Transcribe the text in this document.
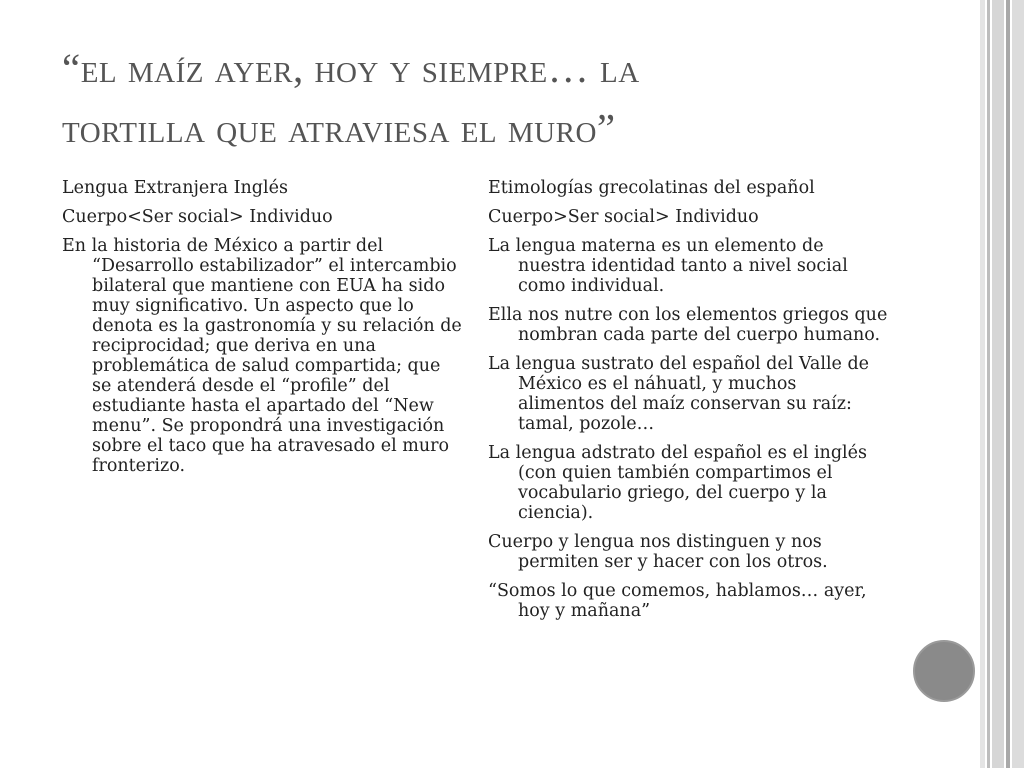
“el maíz ayer, hoy y siempre… la
tortilla que atraviesa el muro”

Lengua Extranjera Inglés

Cuerpo<Ser social> Individuo

En la historia de México a partir del “Desarrollo estabilizador” el intercambio bilateral que mantiene con EUA ha sido muy significativo. Un aspecto que lo denota es la gastronomía y su relación de reciprocidad; que deriva en una problemática de salud compartida; que se atenderá desde el “profile” del estudiante hasta el apartado del “New menu”. Se propondrá una investigación sobre el taco que ha atravesado el muro fronterizo.

Etimologías grecolatinas del español

Cuerpo>Ser social> Individuo

La lengua materna es un elemento de nuestra identidad tanto a nivel social como individual.

Ella nos nutre con los elementos griegos que nombran cada parte del cuerpo humano.

La lengua sustrato del español del Valle de México es el náhuatl, y muchos alimentos del maíz conservan su raíz: tamal, pozole…

La lengua adstrato del español es el inglés (con quien también compartimos el vocabulario griego, del cuerpo y la ciencia).

Cuerpo y lengua nos distinguen y nos permiten ser y hacer con los otros.

“Somos lo que comemos, hablamos… ayer, hoy y mañana”
